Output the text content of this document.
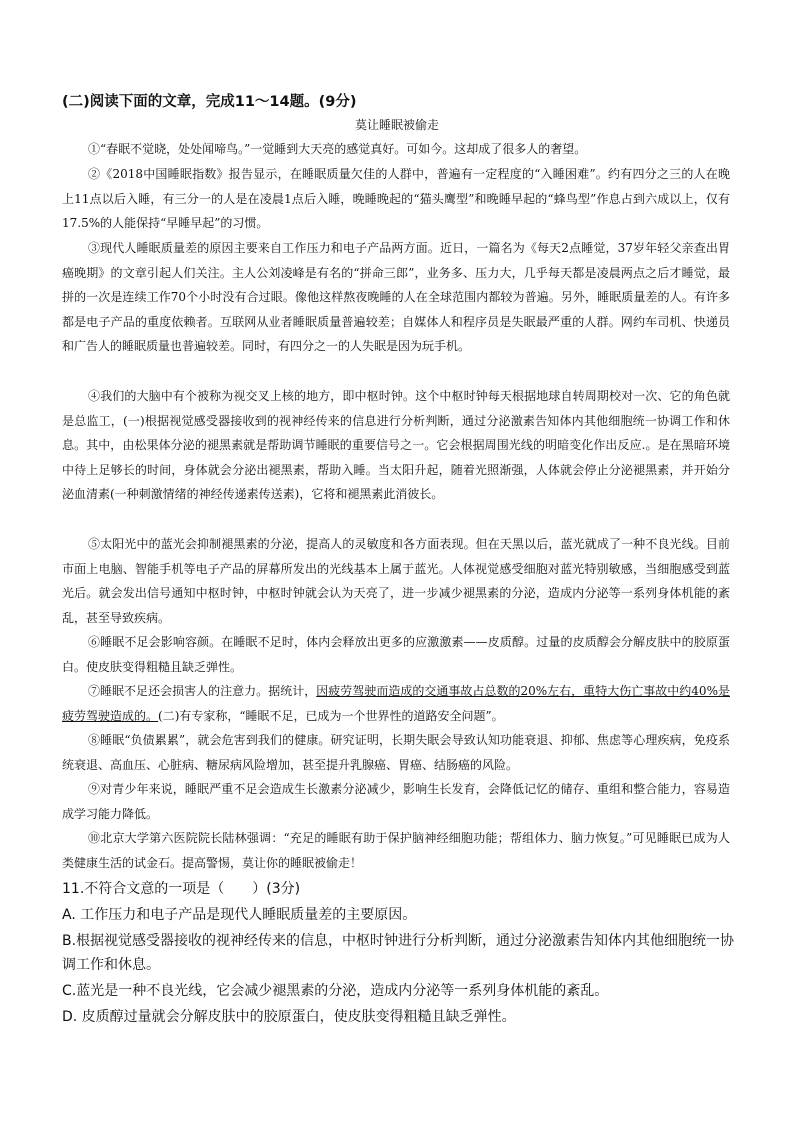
(二)阅读下面的文章，完成11～14题。(9分)
莫让睡眠被偷走

①“春眠不觉晓，处处闻啼鸟。”一觉睡到大天亮的感觉真好。可如今。这却成了很多人的奢望。

②《2018中国睡眠指数》报告显示，在睡眠质量欠佳的人群中，普遍有一定程度的“入睡困难”。约有四分之三的人在晚上11点以后入睡，有三分一的人是在凌晨1点后入睡，晚睡晚起的“猫头鹰型”和晚睡早起的“蜂鸟型”作息占到六成以上，仅有17.5%的人能保持“早睡早起”的习惯。

③现代人睡眠质量差的原因主要来自工作压力和电子产品两方面。近日，一篇名为《每天2点睡觉，37岁年轻父亲查出胃癌晚期》的文章引起人们关注。主人公刘凌峰是有名的“拼命三郎”，业务多、压力大，几乎每天都是凌晨两点之后才睡觉，最拼的一次是连续工作70个小时没有合过眼。像他这样熬夜晚睡的人在全球范围内都较为普遍。另外，睡眠质量差的人。有许多都是电子产品的重度依赖者。互联网从业者睡眠质量普遍较差；自媒体人和程序员是失眠最严重的人群。网约车司机、快递员和广告人的睡眠质量也普遍较差。同时，有四分之一的人失眠是因为玩手机。

④我们的大脑中有个被称为视交叉上核的地方，即中枢时钟。这个中枢时钟每天根据地球自转周期校对一次、它的角色就是总监工，(一)根据视觉感受器接收到的视神经传来的信息进行分析判断，通过分泌激素告知体内其他细胞统一协调工作和休息。其中，由松果体分泌的褪黑素就是帮助调节睡眠的重要信号之一。它会根据周围光线的明暗变化作出反应.。是在黑暗环境中待上足够长的时间，身体就会分泌出褪黑素，帮助入睡。当太阳升起，随着光照渐强，人体就会停止分泌褪黑素，并开始分泌血清素(一种刺激情绪的神经传递素传送素)，它将和褪黑素此消彼长。

⑤太阳光中的蓝光会抑制褪黑素的分泌，提高人的灵敏度和各方面表现。但在天黑以后，蓝光就成了一种不良光线。目前市面上电脑、智能手机等电子产品的屏幕所发出的光线基本上属于蓝光。人体视觉感受细胞对蓝光特别敏感，当细胞感受到蓝光后。就会发出信号通知中枢时钟，中枢时钟就会认为天亮了，进一步减少褪黑素的分泌，造成内分泌等一系列身体机能的紊乱，甚至导致疾病。

⑥睡眠不足会影响容颜。在睡眠不足时，体内会释放出更多的应激激素——皮质醇。过量的皮质醇会分解皮肤中的胶原蛋白。使皮肤变得粗糙且缺乏弹性。

⑦睡眠不足还会损害人的注意力。据统计，因疲劳驾驶而造成的交通事故占总数的20%左右，重特大伤亡事故中约40%是疲劳驾驶造成的。(二)有专家称，“睡眠不足，已成为一个世界性的道路安全问题”。

⑧睡眠“负债累累”，就会危害到我们的健康。研究证明，长期失眠会导致认知功能衰退、抑郁、焦虑等心理疾病，免疫系统衰退、高血压、心脏病、糖尿病风险增加，甚至提升乳腺癌、胃癌、结肠癌的风险。

⑨对青少年来说，睡眠严重不足会造成生长激素分泌减少，影响生长发育，会降低记忆的储存、重组和整合能力，容易造成学习能力降低。

⑩北京大学第六医院院长陆林强调：“充足的睡眠有助于保护脑神经细胞功能；帮组体力、脑力恢复。”可见睡眠已成为人类健康生活的试金石。提高警惕，莫让你的睡眠被偷走！

11.不符合文意的一项是（　　）(3分)

A. 工作压力和电子产品是现代人睡眠质量差的主要原因。

B.根据视觉感受器接收的视神经传来的信息，中枢时钟进行分析判断，通过分泌激素告知体内其他细胞统一协调工作和休息。

C.蓝光是一种不良光线，它会减少褪黑素的分泌，造成内分泌等一系列身体机能的紊乱。

D. 皮质醇过量就会分解皮肤中的胶原蛋白，使皮肤变得粗糙且缺乏弹性。
